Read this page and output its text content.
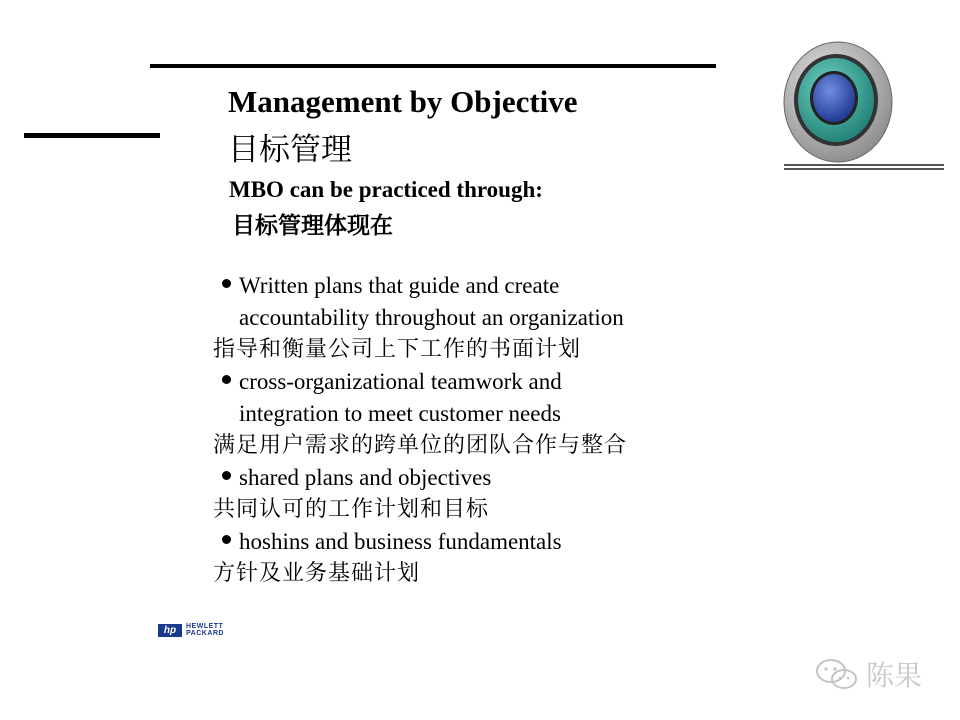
Management by Objective
目标管理
MBO can be practiced through:
目标管理体现在
Written plans that guide and create
accountability throughout an organization
指导和衡量公司上下工作的书面计划
cross-organizational teamwork and
integration to meet customer needs
满足用户需求的跨单位的团队合作与整合
shared plans and objectives
共同认可的工作计划和目标
hoshins and business fundamentals
方针及业务基础计划
hp	HEWLETT
PACKARD
陈果
